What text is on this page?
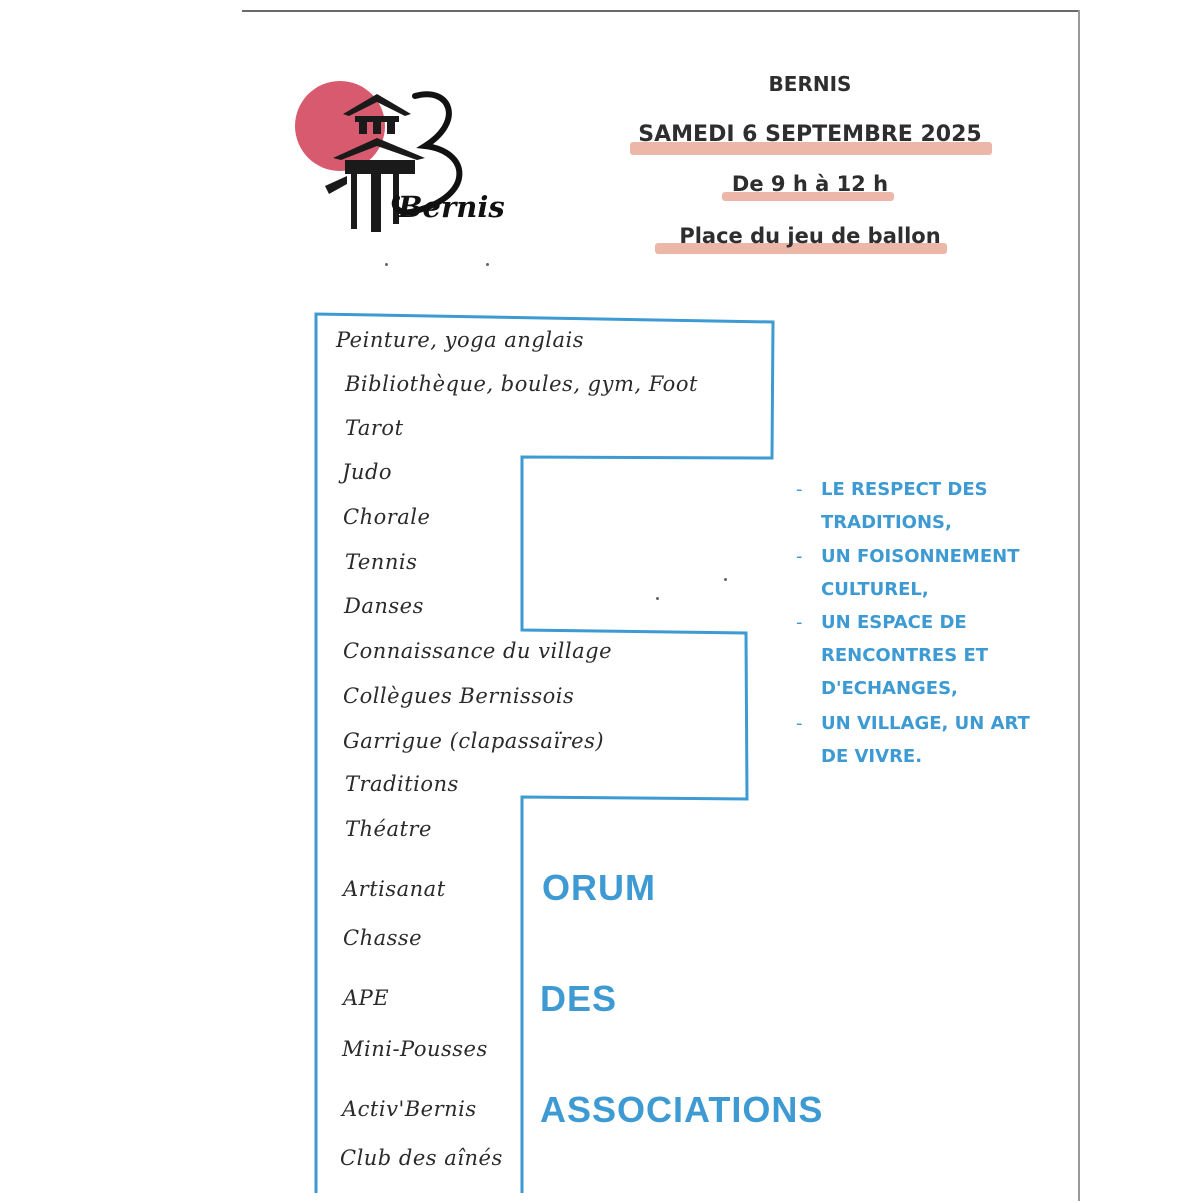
Bernis
BERNIS
SAMEDI 6 SEPTEMBRE 2025
De 9 h à 12 h
Place du jeu de ballon
Peinture, yoga anglais
Bibliothèque, boules, gym, Foot
Tarot
Judo
Chorale
Tennis
Danses
Connaissance du village
Collègues Bernissois
Garrigue (clapassaïres)
Traditions
Théatre
Artisanat
Chasse
APE
Mini-Pousses
Activ'Bernis
Club des aînés
-	LE RESPECT DES
TRADITIONS,
-	UN FOISONNEMENT
CULTUREL,
-	UN ESPACE DE
RENCONTRES ET
D'ECHANGES,
-	UN VILLAGE, UN ART
DE VIVRE.
ORUM
DES
ASSOCIATIONS
